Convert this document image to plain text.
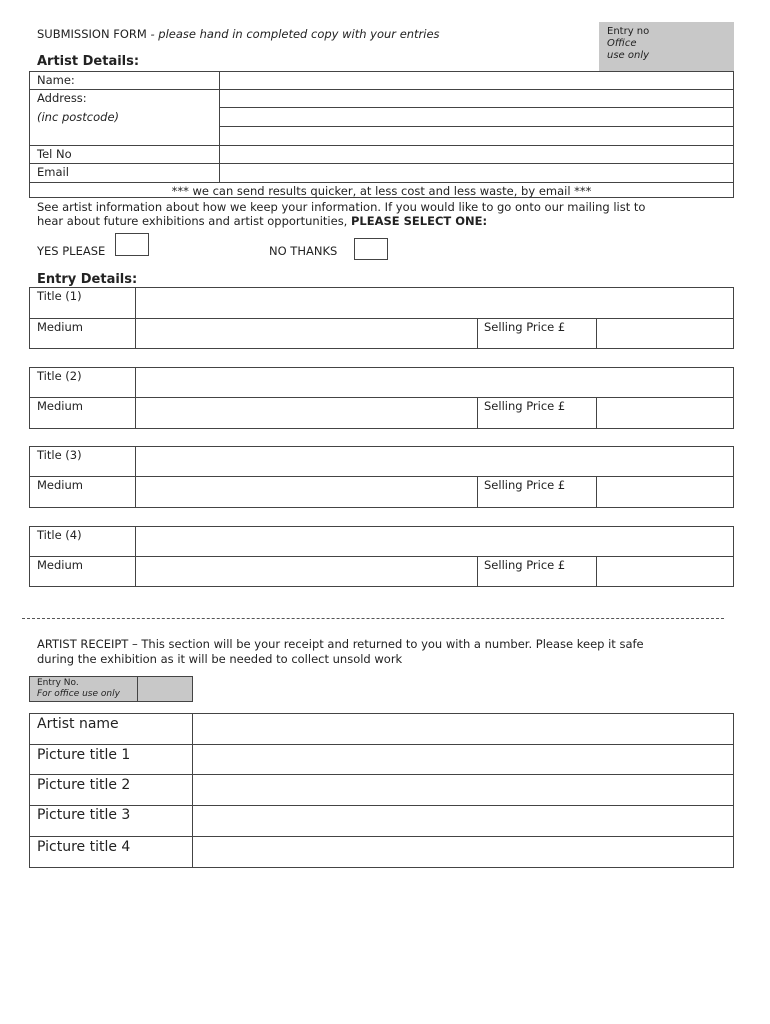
SUBMISSION FORM - please hand in completed copy with your entries	Entry no
Office
use only
Artist Details:
Name:
Address:
(inc postcode)
Tel No
Email
*** we can send results quicker, at less cost and less waste, by email ***
See artist information about how we keep your information. If you would like to go onto our mailing list to
hear about future exhibitions and artist opportunities, PLEASE SELECT ONE:
YES PLEASE	NO THANKS
Entry Details:
Title (1)
Medium	Selling Price £
Title (2)
Medium	Selling Price £
Title (3)
Medium	Selling Price £
Title (4)
Medium	Selling Price £
ARTIST RECEIPT – This section will be your receipt and returned to you with a number. Please keep it safe
during the exhibition as it will be needed to collect unsold work
Entry No.
For office use only
Artist name
Picture title 1
Picture title 2
Picture title 3
Picture title 4
